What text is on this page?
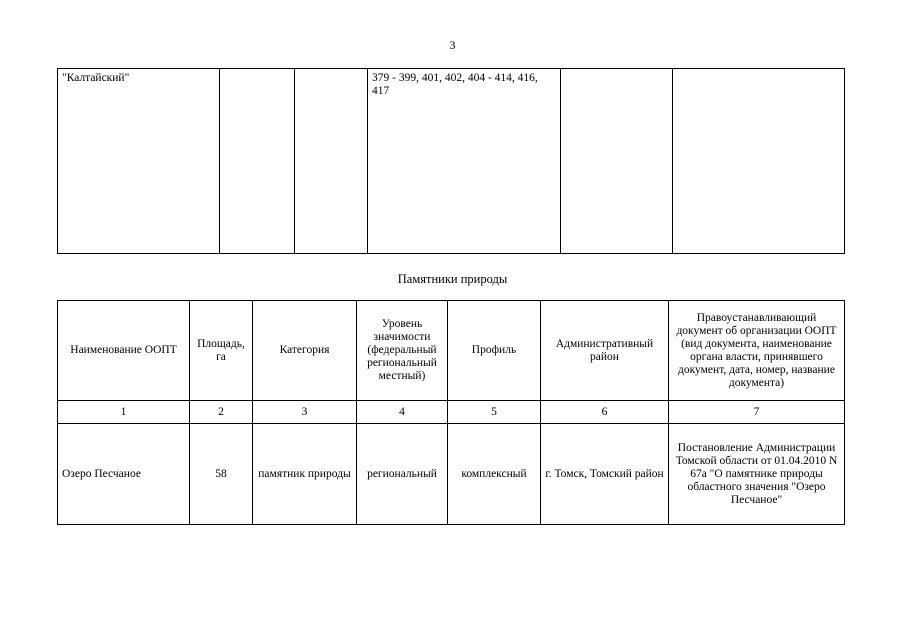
3
"Калтайский"			379 - 399, 401, 402, 404 - 414, 416, 417		
Памятники природы
Наименование ООПТ	Площадь, га	Категория	Уровень значимости (федеральный региональный местный)	Профиль	Административный район	Правоустанавливающий документ об организации ООПТ (вид документа, наименование органа власти, принявшего документ, дата, номер, название документа)
1	2	3	4	5	6	7
Озеро Песчаное	58	памятник природы	региональный	комплексный	г. Томск, Томский район	Постановление Администрации Томской области от 01.04.2010 N 67а "О памятнике природы областного значения "Озеро Песчаное"
